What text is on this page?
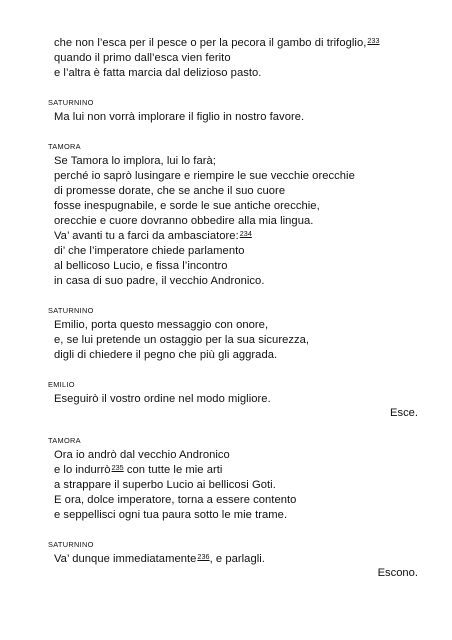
che non l’esca per il pesce o per la pecora il gambo di trifoglio,$^{233}$
quando il primo dall’esca vien ferito
e l’altra è fatta marcia dal delizioso pasto.
SATURNINO
Ma lui non vorrà implorare il figlio in nostro favore.
TAMORA
Se Tamora lo implora, lui lo farà;
perché io saprò lusingare e riempire le sue vecchie orecchie
di promesse dorate, che se anche il suo cuore
fosse inespugnabile, e sorde le sue antiche orecchie,
orecchie e cuore dovranno obbedire alla mia lingua.
Va’ avanti tu a farci da ambasciatore:$^{234}$
di’ che l’imperatore chiede parlamento
al bellicoso Lucio, e fissa l’incontro
in casa di suo padre, il vecchio Andronico.
SATURNINO
Emilio, porta questo messaggio con onore,
e, se lui pretende un ostaggio per la sua sicurezza,
digli di chiedere il pegno che più gli aggrada.
EMILIO
Eseguirò il vostro ordine nel modo migliore.
Esce.
TAMORA
Ora io andrò dal vecchio Andronico
e lo indurrò$^{235}$ con tutte le mie arti
a strappare il superbo Lucio ai bellicosi Goti.
E ora, dolce imperatore, torna a essere contento
e seppellisci ogni tua paura sotto le mie trame.
SATURNINO
Va’ dunque immediatamente$^{236}$, e parlagli.
Escono.
